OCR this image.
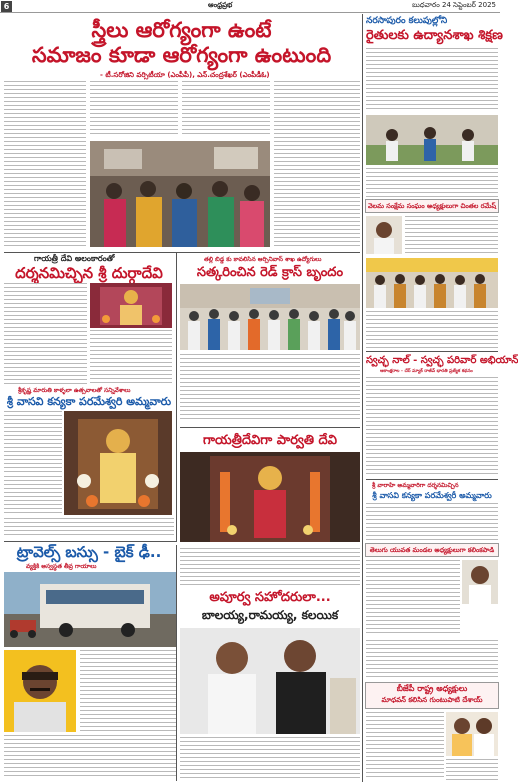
6	ఆంధ్రప్రభ	బుధవారం 24 సెప్టెంబర్ 2025
స్త్రీలు ఆరోగ్యంగా ఉంటే
సమాజం కూడా ఆరోగ్యంగా ఉంటుంది
- టీ.సరోజిని వర్సిటీయా (ఎంపీపీ), ఎన్.చంద్రశేఖర్ (ఎంపీడీఓ)
గాయత్రీ దేవి అలంకారంతో
దర్శనమిచ్చిన శ్రీ దుర్గాదేవి
శ్రీకృష్ణ మారుతి కాళ్ళలా ఉత్సవాలతో సన్నివేశాలు
శ్రీ వాసవి కన్యకా పరమేశ్వరి అమ్మవారు
తల్లి బిడ్డ కు కావలిసిన ఆర్సినివాస్ శాఖ ఉద్యోగులు
సత్కరించిన రెడ్ క్రాస్ బృందం
గాయత్రీదేవిగా పార్వతి దేవి
ట్రావెల్స్ బస్సు - బైక్ ఢీ..
వ్యక్తికి అస్వస్థత తీవ్ర గాయాలు
అపూర్వ సహోదరులా...
బాలయ్య,రామయ్య, కలయిక
నరసాపురం కలుపుల్లోని
రైతులకు ఉద్యానశాఖ శిక్షణ
వెలమ సంక్షేమ సంఘం అధ్యక్షులుగా చింతల రమేష్
స్వచ్ఛ నాల్ - స్వచ్ఛ పరివార్ అభియాన్
ఆకాంక్షరాల - చేర్ మ్యాక్ రాజీవ్ భారతి ప్రత్యేక కథనం
శ్రీ వారాహి అమ్మవారిగా దర్శనమిచ్చిన
శ్రీ వాసవి కన్యకా పరమేశ్వరీ అమ్మవారు
తెలుగు యువత మండల అధ్యక్షులుగా కలింకపాడి
బీజేపీ రాష్ట్ర అధ్యక్షులు
మాధవన్ కలిసిన గుంటుపాటి దేశాయ్
